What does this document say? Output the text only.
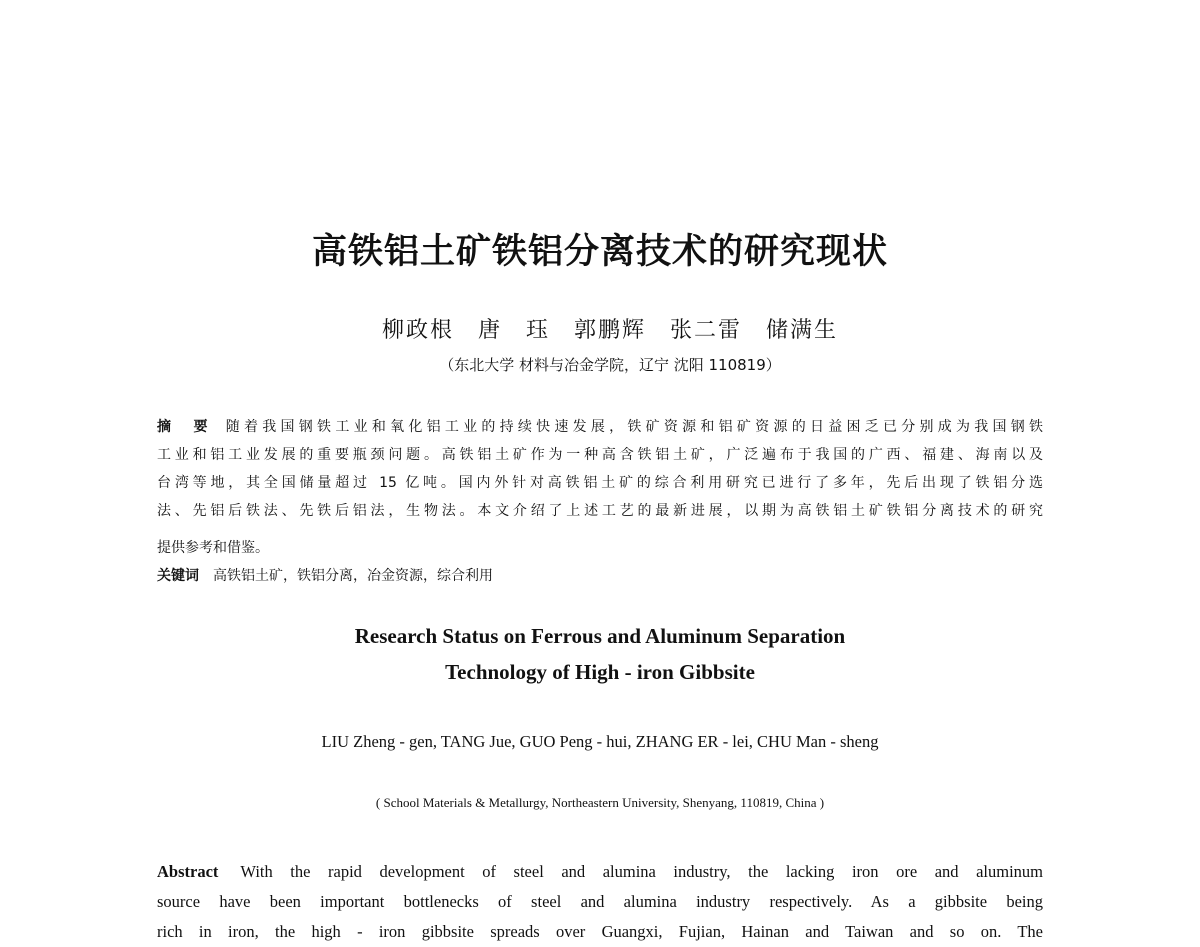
高铁铝土矿铁铝分离技术的研究现状
柳政根　唐　珏　郭鹏辉　张二雷　储满生
（东北大学 材料与冶金学院，辽宁 沈阳 110819）
摘　要 随着我国钢铁工业和氧化铝工业的持续快速发展，铁矿资源和铝矿资源的日益困乏已分别成为我国钢铁
工业和铝工业发展的重要瓶颈问题。高铁铝土矿作为一种高含铁铝土矿，广泛遍布于我国的广西、福建、海南以及
台湾等地，其全国储量超过 15 亿吨。国内外针对高铁铝土矿的综合利用研究已进行了多年，先后出现了铁铝分选
法、先铝后铁法、先铁后铝法，生物法。本文介绍了上述工艺的最新进展，以期为高铁铝土矿铁铝分离技术的研究
提供参考和借鉴。
关键词 高铁铝土矿，铁铝分离，冶金资源，综合利用
Research Status on Ferrous and Aluminum Separation
Technology of High - iron Gibbsite
LIU Zheng - gen, TANG Jue, GUO Peng - hui, ZHANG ER - lei, CHU Man - sheng
( School Materials & Metallurgy, Northeastern University, Shenyang, 110819, China )
Abstract With the rapid development of steel and alumina industry, the lacking iron ore and aluminum
source have been important bottlenecks of steel and alumina industry respectively. As a gibbsite being
rich in iron, the high - iron gibbsite spreads over Guangxi, Fujian, Hainan and Taiwan and so on. The
